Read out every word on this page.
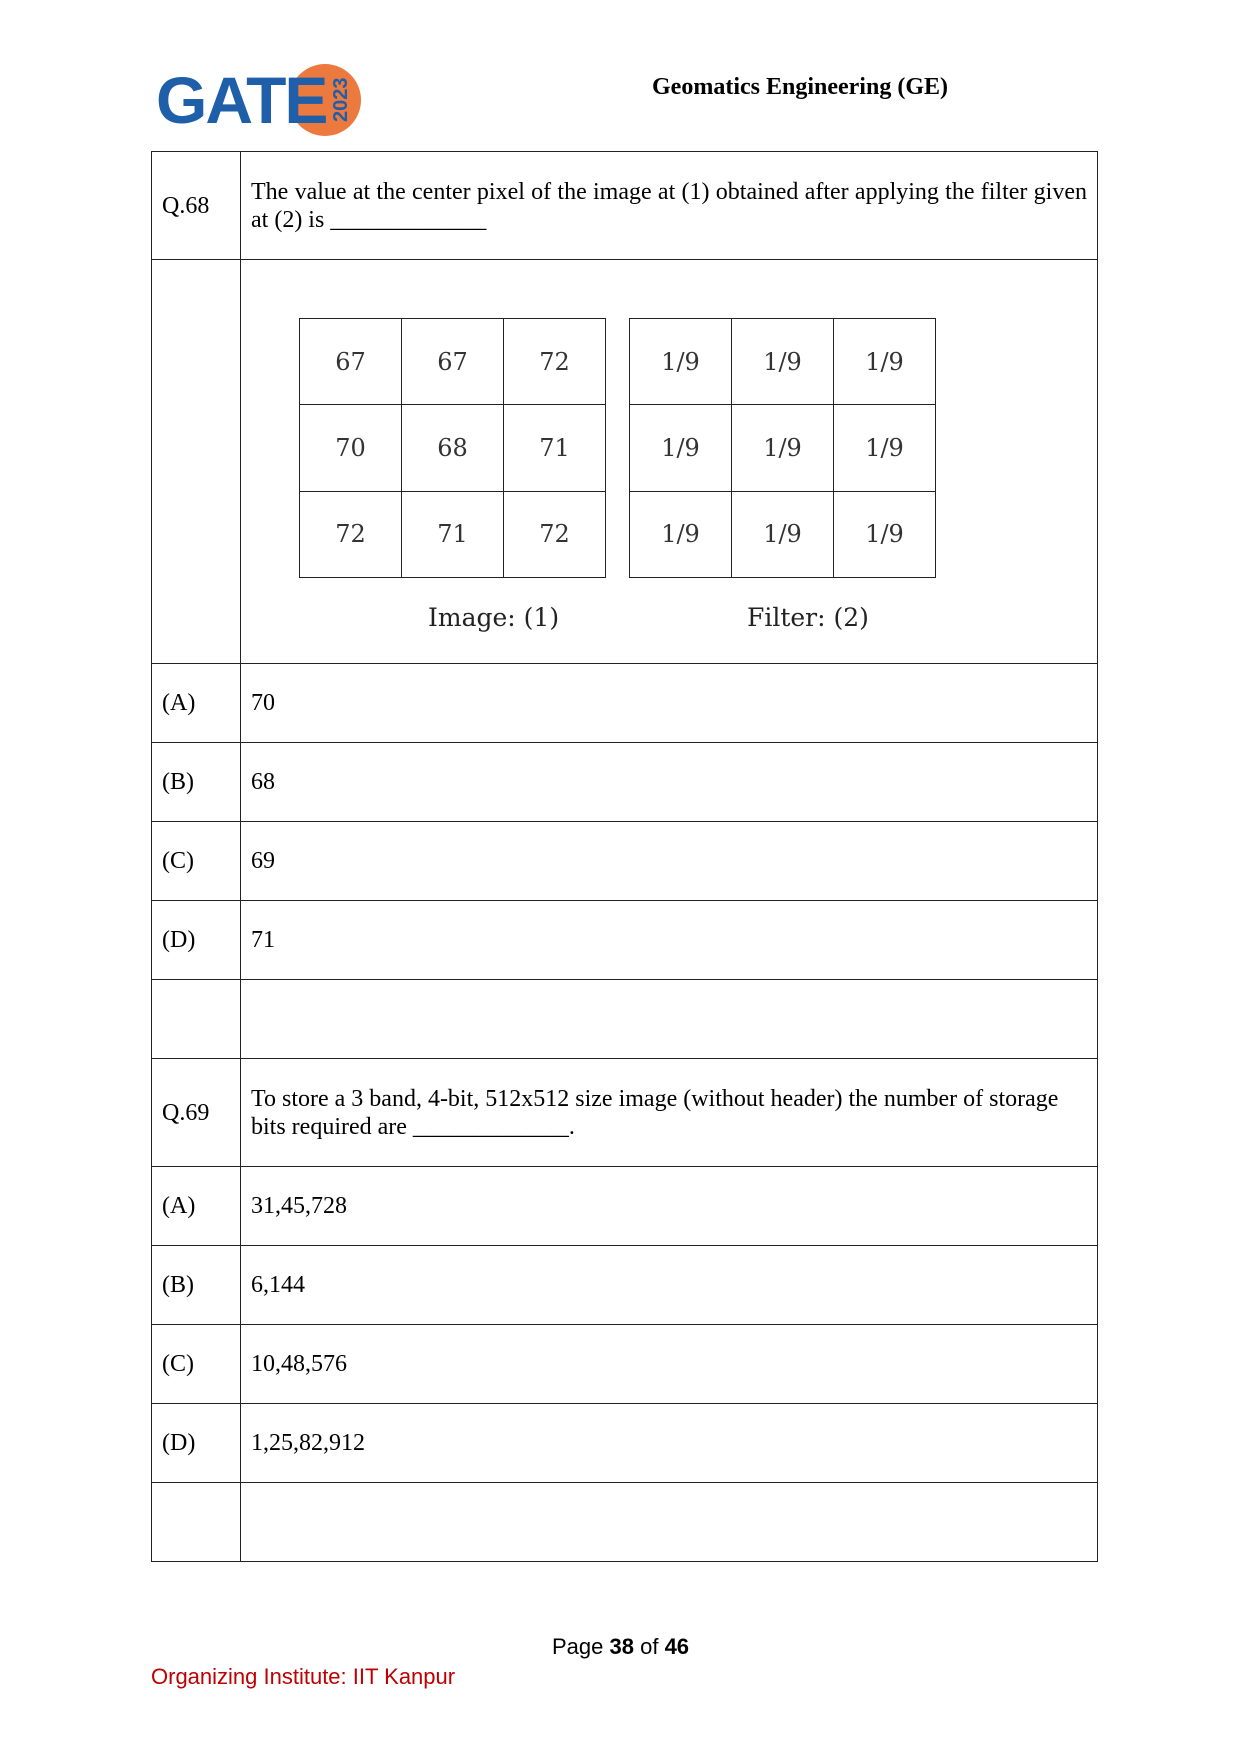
GATE 2023	Geomatics Engineering (GE)
Q.68	The value at the center pixel of the image at (1) obtained after applying the filter given at (2) is _____________

67	67	72
70	68	71
72	71	72
1/9	1/9	1/9
1/9	1/9	1/9
1/9	1/9	1/9
Image: (1)	Filter: (2)

(A)	70
(B)	68
(C)	69
(D)	71

Q.69	To store a 3 band, 4-bit, 512x512 size image (without header) the number of storage bits required are _____________.
(A)	31,45,728
(B)	6,144
(C)	10,48,576
(D)	1,25,82,912

Page 38 of 46
Organizing Institute: IIT Kanpur
